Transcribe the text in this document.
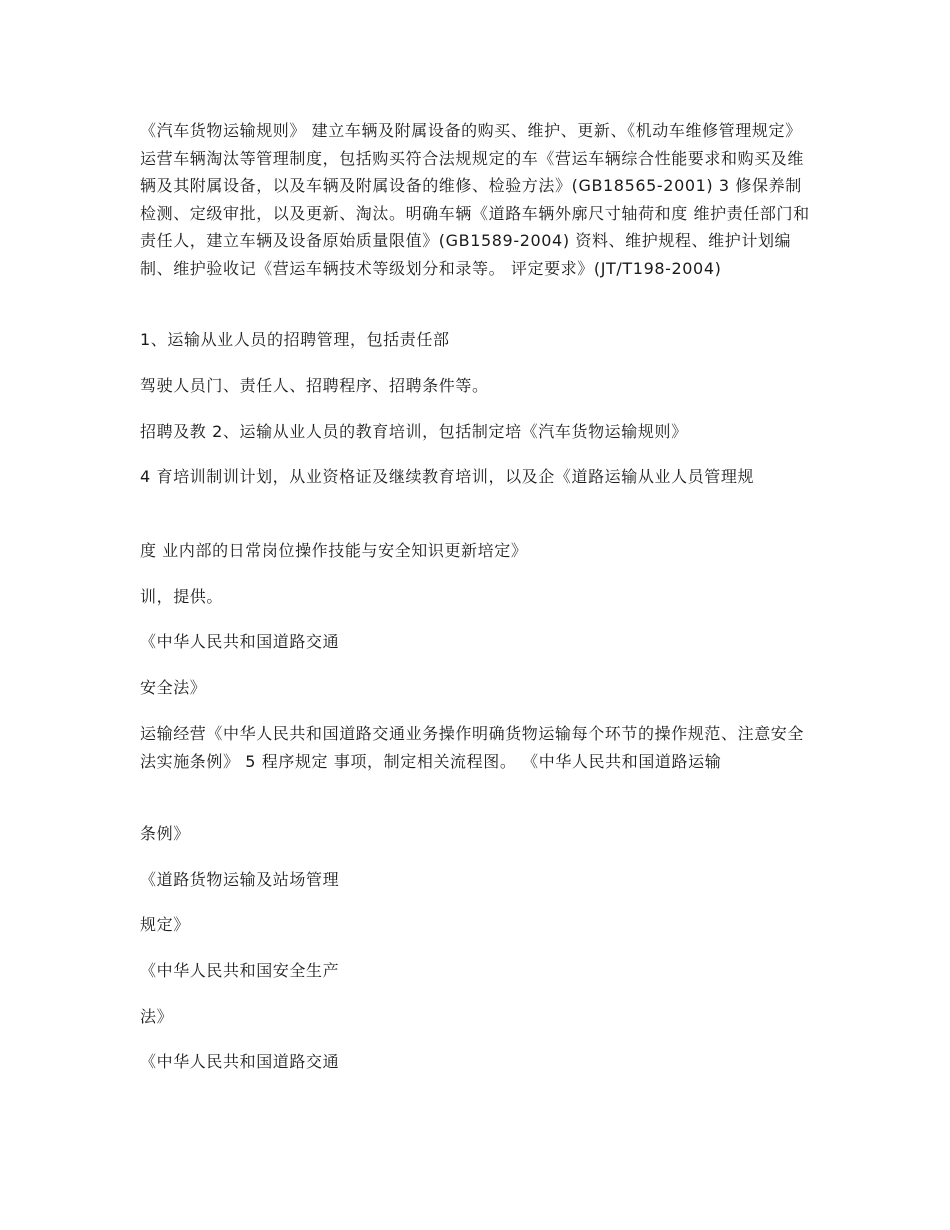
《汽车货物运输规则》 建立车辆及附属设备的购买、维护、更新、《机动车维修管理规定》 运营车辆淘汰等管理制度，包括购买符合法规规定的车《营运车辆综合性能要求和购买及维辆及其附属设备，以及车辆及附属设备的维修、检验方法》(GB18565-2001) 3 修保养制检测、定级审批，以及更新、淘汰。明确车辆《道路车辆外廓尺寸轴荷和度 维护责任部门和责任人，建立车辆及设备原始质量限值》(GB1589-2004) 资料、维护规程、维护计划编制、维护验收记《营运车辆技术等级划分和录等。 评定要求》(JT/T198-2004)

1、运输从业人员的招聘管理，包括责任部

驾驶人员门、责任人、招聘程序、招聘条件等。

招聘及教 2、运输从业人员的教育培训，包括制定培《汽车货物运输规则》

4 育培训制训计划，从业资格证及继续教育培训，以及企《道路运输从业人员管理规

度 业内部的日常岗位操作技能与安全知识更新培定》

训，提供。

《中华人民共和国道路交通

安全法》

运输经营《中华人民共和国道路交通业务操作明确货物运输每个环节的操作规范、注意安全法实施条例》 5 程序规定 事项，制定相关流程图。 《中华人民共和国道路运输

条例》

《道路货物运输及站场管理

规定》

《中华人民共和国安全生产

法》

《中华人民共和国道路交通
